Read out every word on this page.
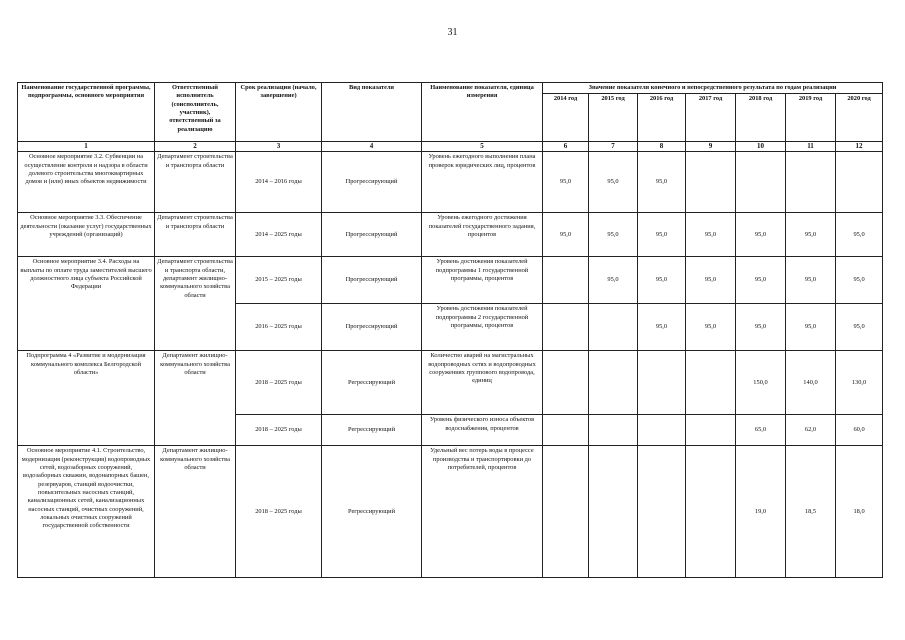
31
Наименование государственной программы, подпрограммы, основного мероприятия	Ответственный исполнитель (соисполнитель, участник), ответственный за реализацию	Срок реализации (начало, завершение)	Вид показателя	Наименование показателя, единица измерения	Значение показателя конечного и непосредственного результата по годам реализации						
					2014 год	2015 год	2016 год	2017 год	2018 год	2019 год	2020 год
1	2	3	4	5	6	7	8	9	10	11	12
Основное мероприятие 3.2. Субвенции на осуществление контроля и надзора в области долевого строительства многоквартирных домов и (или) иных объектов недвижимости	Департамент строительства и транспорта области	2014 – 2016 годы	Прогрессирующий	Уровень ежегодного выполнения плана проверок юридических лиц, процентов	95,0	95,0	95,0				
Основное мероприятие 3.3. Обеспечение деятельности (оказание услуг) государственных учреждений (организаций)	Департамент строительства и транспорта области	2014 – 2025 годы	Прогрессирующий	Уровень ежегодного достижения показателей государственного задания, процентов	95,0	95,0	95,0	95,0	95,0	95,0	95,0
Основное мероприятие 3.4. Расходы на выплаты по оплате труда заместителей высшего должностного лица субъекта Российской Федерации	Департамент строительства и транспорта области, департамент жилищно-коммунального хозяйства области	2015 – 2025 годы	Прогрессирующий	Уровень достижения показателей подпрограммы 1 государственной программы, процентов		95,0	95,0	95,0	95,0	95,0	95,0
		2016 – 2025 годы	Прогрессирующий	Уровень достижения показателей подпрограммы 2 государственной программы, процентов			95,0	95,0	95,0	95,0	95,0
Подпрограмма 4 «Развитие и модернизация коммунального комплекса Белгородской области»	Департамент жилищно-коммунального хозяйства области	2018 – 2025 годы	Регрессирующий	Количество аварий на магистральных водопроводных сетях и водопроводных сооружениях группового водопровода, единиц					150,0	140,0	130,0
		2018 – 2025 годы	Регрессирующий	Уровень физического износа объектов водоснабжения, процентов					65,0	62,0	60,0
Основное мероприятие 4.1. Строительство, модернизация (реконструкция) водопроводных сетей, водозаборных сооружений, водозаборных скважин, водонапорных башен, резервуаров, станций водоочистки, повысительных насосных станций, канализационных сетей, канализационных насосных станций, очистных сооружений, локальных очистных сооружений государственной собственности	Департамент жилищно-коммунального хозяйства области	2018 – 2025 годы	Регрессирующий	Удельный вес потерь воды в процессе производства и транспортировки до потребителей, процентов					19,0	18,5	18,0
